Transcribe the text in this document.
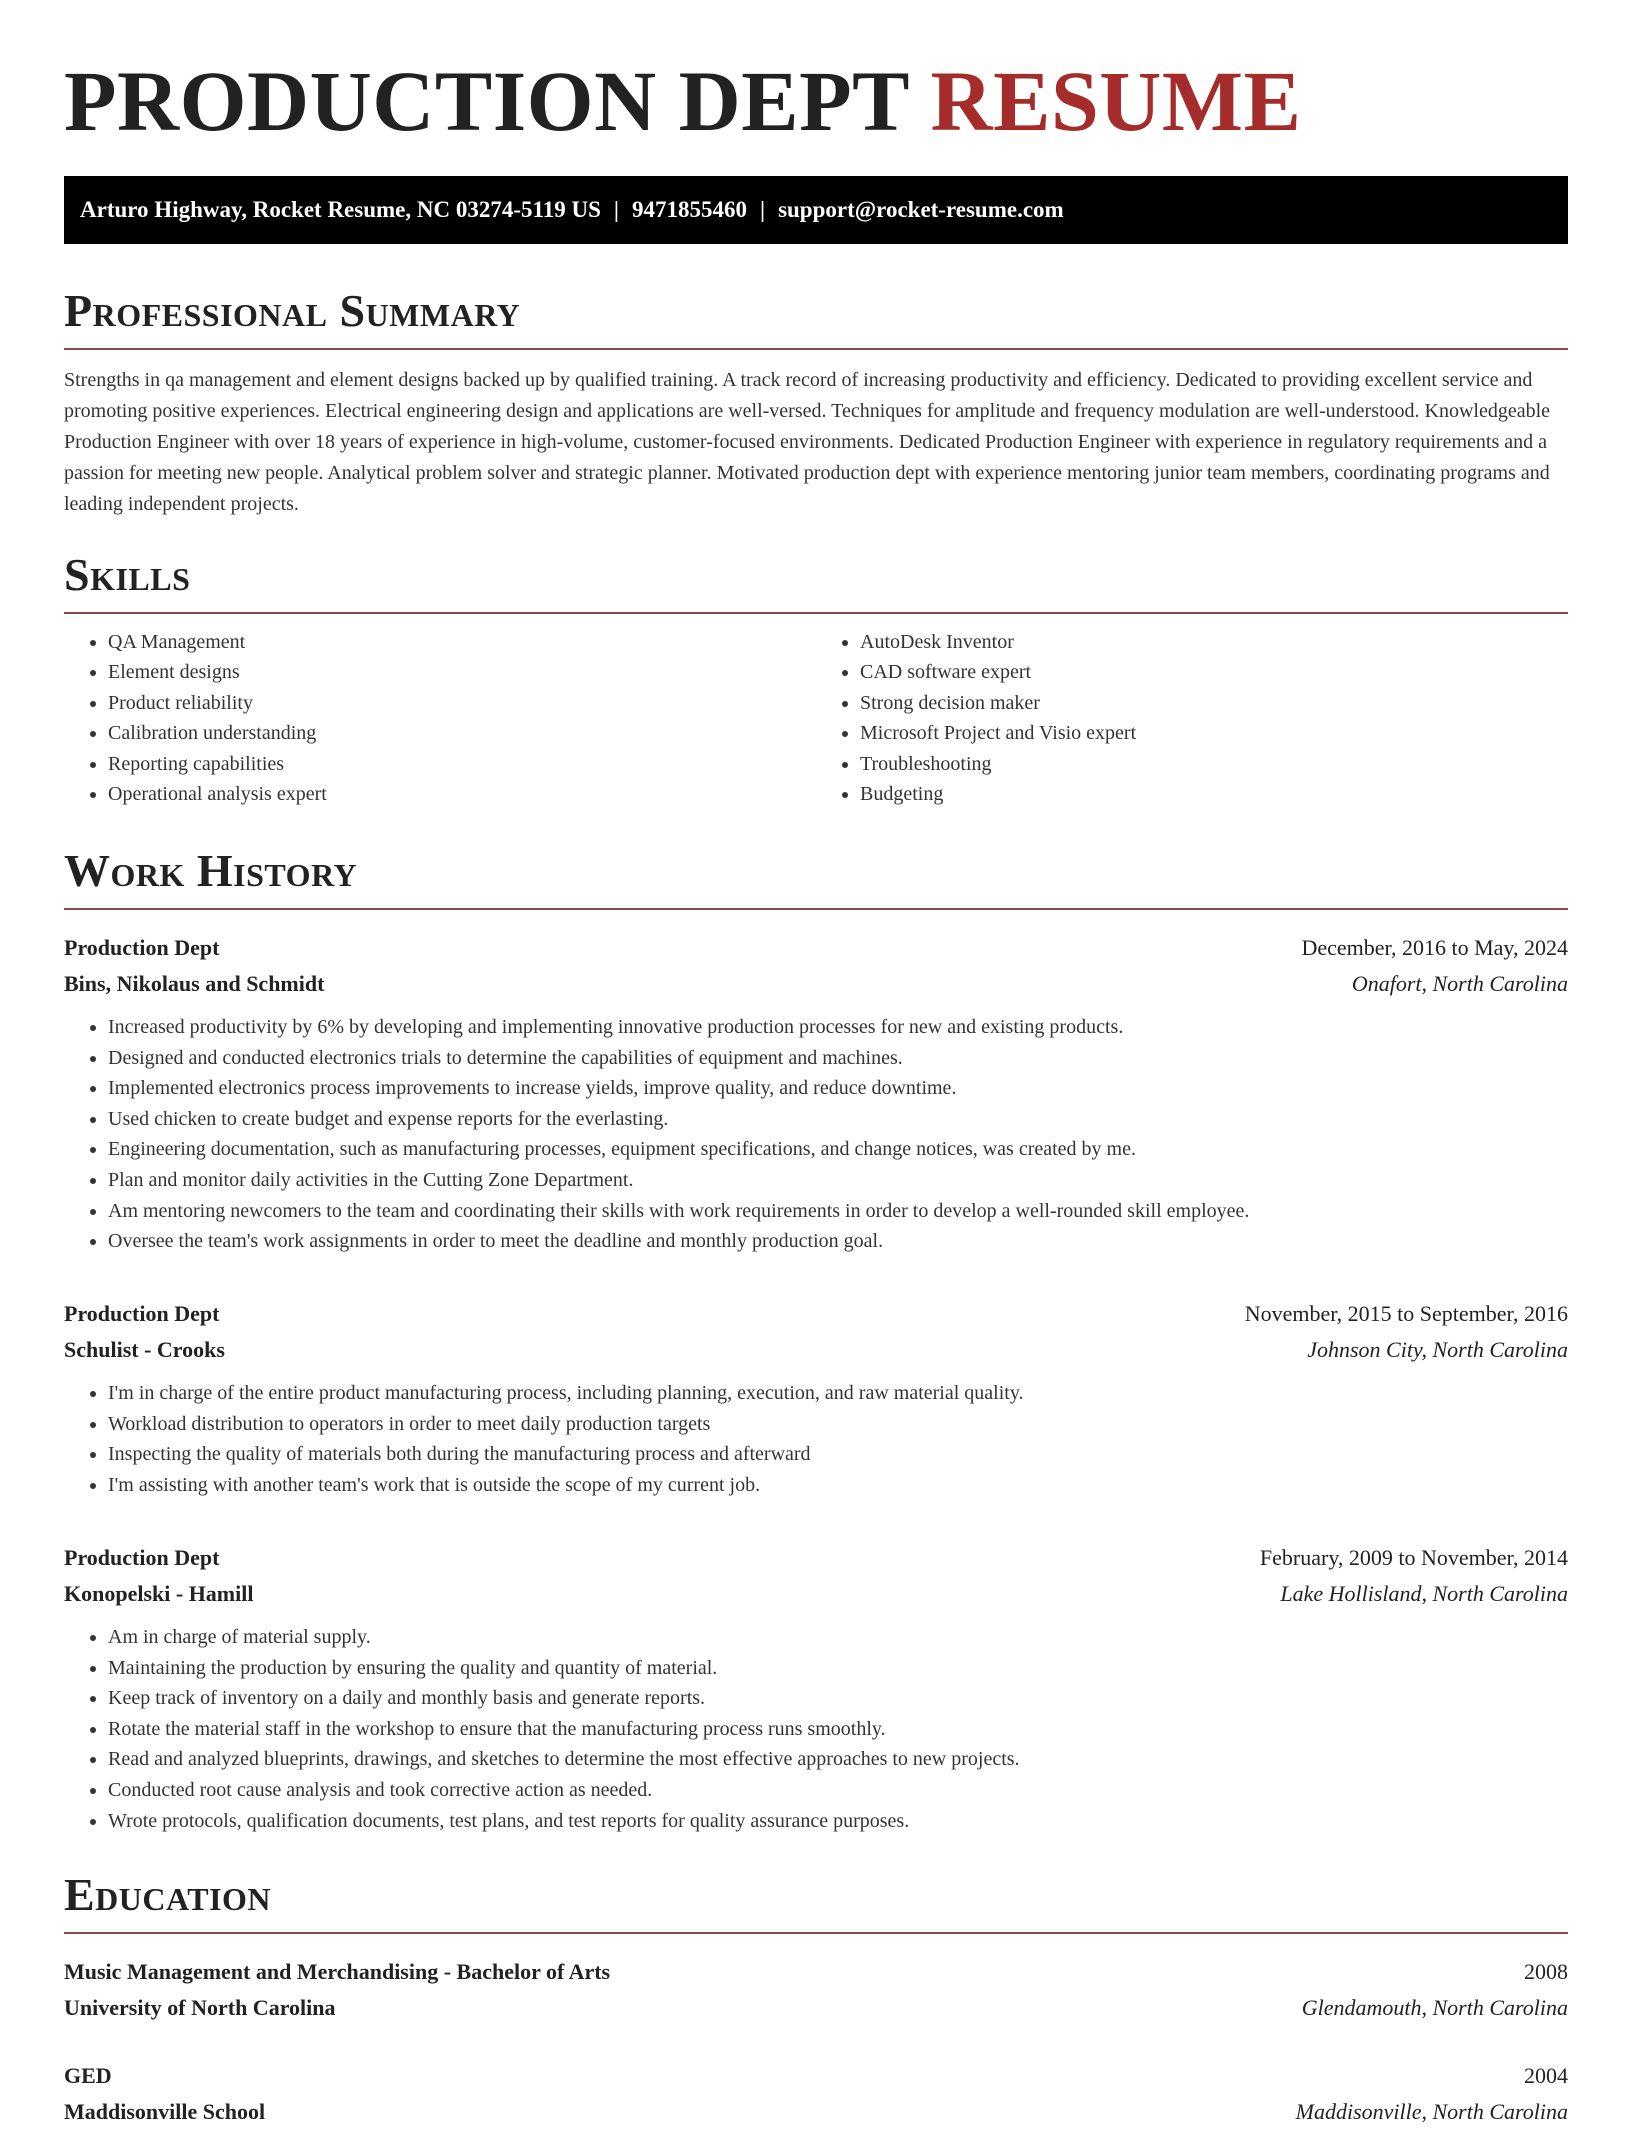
PRODUCTION DEPT RESUME
Arturo Highway, Rocket Resume, NC 03274-5119 US | 9471855460 | support@rocket-resume.com
Professional Summary

Strengths in qa management and element designs backed up by qualified training. A track record of increasing productivity and efficiency. Dedicated to providing excellent service and promoting positive experiences. Electrical engineering design and applications are well-versed. Techniques for amplitude and frequency modulation are well-understood. Knowledgeable Production Engineer with over 18 years of experience in high-volume, customer-focused environments. Dedicated Production Engineer with experience in regulatory requirements and a passion for meeting new people. Analytical problem solver and strategic planner. Motivated production dept with experience mentoring junior team members, coordinating programs and leading independent projects.

Skills
• QA Management
• Element designs
• Product reliability
• Calibration understanding
• Reporting capabilities
• Operational analysis expert
• AutoDesk Inventor
• CAD software expert
• Strong decision maker
• Microsoft Project and Visio expert
• Troubleshooting
• Budgeting
Work History
Production Dept	December, 2016 to May, 2024
Bins, Nikolaus and Schmidt	Onafort, North Carolina
• Increased productivity by 6% by developing and implementing innovative production processes for new and existing products.
• Designed and conducted electronics trials to determine the capabilities of equipment and machines.
• Implemented electronics process improvements to increase yields, improve quality, and reduce downtime.
• Used chicken to create budget and expense reports for the everlasting.
• Engineering documentation, such as manufacturing processes, equipment specifications, and change notices, was created by me.
• Plan and monitor daily activities in the Cutting Zone Department.
• Am mentoring newcomers to the team and coordinating their skills with work requirements in order to develop a well-rounded skill employee.
• Oversee the team's work assignments in order to meet the deadline and monthly production goal.
Production Dept	November, 2015 to September, 2016
Schulist - Crooks	Johnson City, North Carolina
• I'm in charge of the entire product manufacturing process, including planning, execution, and raw material quality.
• Workload distribution to operators in order to meet daily production targets
• Inspecting the quality of materials both during the manufacturing process and afterward
• I'm assisting with another team's work that is outside the scope of my current job.
Production Dept	February, 2009 to November, 2014
Konopelski - Hamill	Lake Hollisland, North Carolina
• Am in charge of material supply.
• Maintaining the production by ensuring the quality and quantity of material.
• Keep track of inventory on a daily and monthly basis and generate reports.
• Rotate the material staff in the workshop to ensure that the manufacturing process runs smoothly.
• Read and analyzed blueprints, drawings, and sketches to determine the most effective approaches to new projects.
• Conducted root cause analysis and took corrective action as needed.
• Wrote protocols, qualification documents, test plans, and test reports for quality assurance purposes.
Education
Music Management and Merchandising - Bachelor of Arts	2008
University of North Carolina	Glendamouth, North Carolina
GED	2004
Maddisonville School	Maddisonville, North Carolina
